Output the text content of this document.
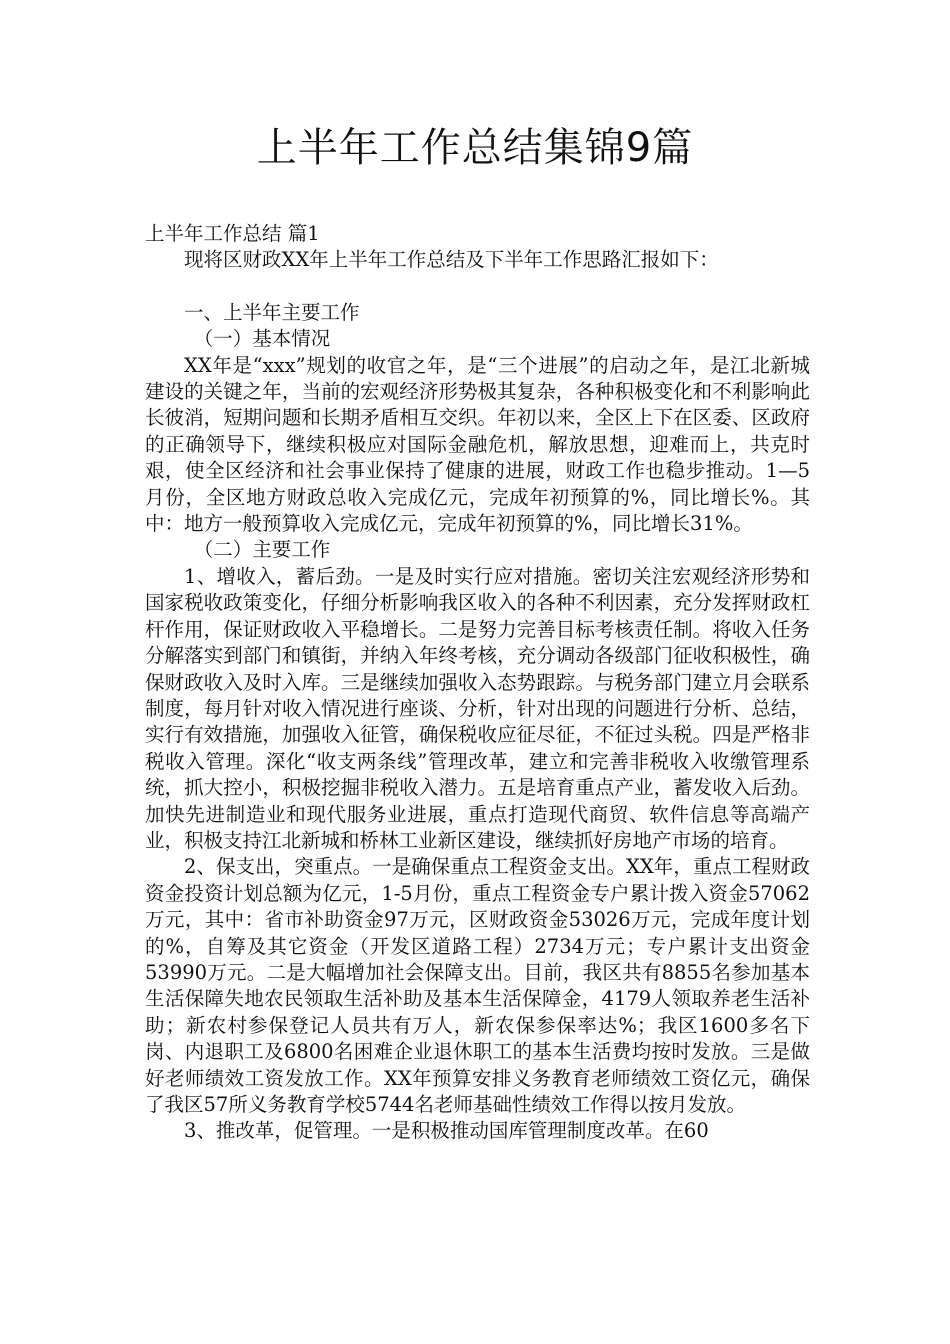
上半年工作总结集锦9篇

上半年工作总结 篇1

现将区财政XX年上半年工作总结及下半年工作思路汇报如下：

一、上半年主要工作

（一）基本情况

XX年是“xxx”规划的收官之年，是“三个进展”的启动之年，是江北新城建设的关键之年，当前的宏观经济形势极其复杂，各种积极变化和不利影响此长彼消，短期问题和长期矛盾相互交织。年初以来，全区上下在区委、区政府的正确领导下，继续积极应对国际金融危机，解放思想，迎难而上，共克时艰，使全区经济和社会事业保持了健康的进展，财政工作也稳步推动。1—5月份，全区地方财政总收入完成亿元，完成年初预算的%，同比增长%。其中：地方一般预算收入完成亿元，完成年初预算的%，同比增长31%。

（二）主要工作

1、增收入，蓄后劲。一是及时实行应对措施。密切关注宏观经济形势和国家税收政策变化，仔细分析影响我区收入的各种不利因素，充分发挥财政杠杆作用，保证财政收入平稳增长。二是努力完善目标考核责任制。将收入任务分解落实到部门和镇街，并纳入年终考核，充分调动各级部门征收积极性，确保财政收入及时入库。三是继续加强收入态势跟踪。与税务部门建立月会联系制度，每月针对收入情况进行座谈、分析，针对出现的问题进行分析、总结，实行有效措施，加强收入征管，确保税收应征尽征，不征过头税。四是严格非税收入管理。深化“收支两条线”管理改革，建立和完善非税收入收缴管理系统，抓大控小，积极挖掘非税收入潜力。五是培育重点产业，蓄发收入后劲。加快先进制造业和现代服务业进展，重点打造现代商贸、软件信息等高端产业，积极支持江北新城和桥林工业新区建设，继续抓好房地产市场的培育。

2、保支出，突重点。一是确保重点工程资金支出。XX年，重点工程财政资金投资计划总额为亿元，1-5月份，重点工程资金专户累计拨入资金57062万元，其中：省市补助资金97万元，区财政资金53026万元，完成年度计划的%，自筹及其它资金（开发区道路工程）2734万元；专户累计支出资金53990万元。二是大幅增加社会保障支出。目前，我区共有8855名参加基本生活保障失地农民领取生活补助及基本生活保障金，4179人领取养老生活补助；新农村参保登记人员共有万人，新农保参保率达%；我区1600多名下岗、内退职工及6800名困难企业退休职工的基本生活费均按时发放。三是做好老师绩效工资发放工作。XX年预算安排义务教育老师绩效工资亿元，确保了我区57所义务教育学校5744名老师基础性绩效工作得以按月发放。

3、推改革，促管理。一是积极推动国库管理制度改革。在60
